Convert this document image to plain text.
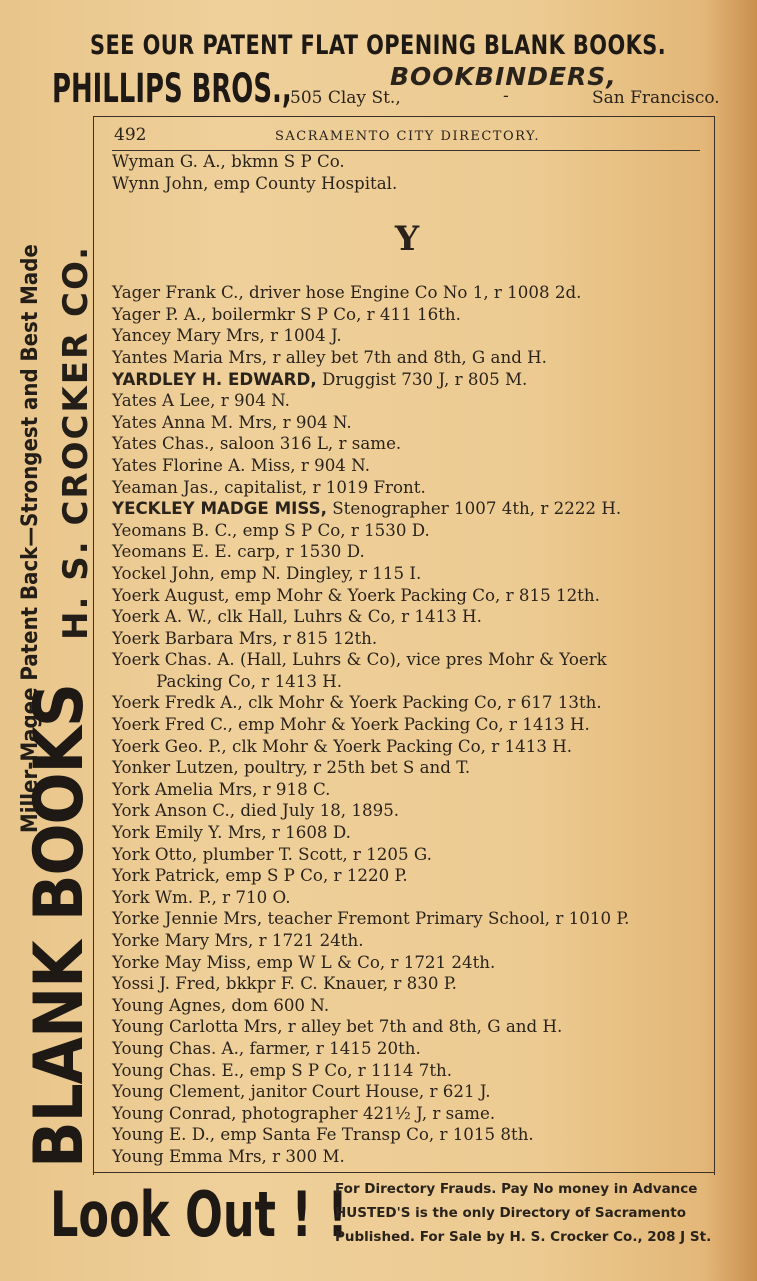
SEE OUR PATENT FLAT OPENING BLANK BOOKS.
PHILLIPS BROS.,	BOOKBINDERS,
505 Clay St.,	-	San Francisco.
Miller-Magee Patent Back—Strongest and Best Made H. S. CROCKER CO.
BLANK BOOKS
492	SACRAMENTO CITY DIRECTORY.
Wyman G. A., bkmn S P Co.
Wynn John, emp County Hospital.
Y
Yager Frank C., driver hose Engine Co No 1, r 1008 2d.
Yager P. A., boilermkr S P Co, r 411 16th.
Yancey Mary Mrs, r 1004 J.
Yantes Maria Mrs, r alley bet 7th and 8th, G and H.
YARDLEY H. EDWARD, Druggist 730 J, r 805 M.
Yates A Lee, r 904 N.
Yates Anna M. Mrs, r 904 N.
Yates Chas., saloon 316 L, r same.
Yates Florine A. Miss, r 904 N.
Yeaman Jas., capitalist, r 1019 Front.
YECKLEY MADGE MISS, Stenographer 1007 4th, r 2222 H.
Yeomans B. C., emp S P Co, r 1530 D.
Yeomans E. E. carp, r 1530 D.
Yockel John, emp N. Dingley, r 115 I.
Yoerk August, emp Mohr & Yoerk Packing Co, r 815 12th.
Yoerk A. W., clk Hall, Luhrs & Co, r 1413 H.
Yoerk Barbara Mrs, r 815 12th.
Yoerk Chas. A. (Hall, Luhrs & Co), vice pres Mohr & Yoerk
Packing Co, r 1413 H.
Yoerk Fredk A., clk Mohr & Yoerk Packing Co, r 617 13th.
Yoerk Fred C., emp Mohr & Yoerk Packing Co, r 1413 H.
Yoerk Geo. P., clk Mohr & Yoerk Packing Co, r 1413 H.
Yonker Lutzen, poultry, r 25th bet S and T.
York Amelia Mrs, r 918 C.
York Anson C., died July 18, 1895.
York Emily Y. Mrs, r 1608 D.
York Otto, plumber T. Scott, r 1205 G.
York Patrick, emp S P Co, r 1220 P.
York Wm. P., r 710 O.
Yorke Jennie Mrs, teacher Fremont Primary School, r 1010 P.
Yorke Mary Mrs, r 1721 24th.
Yorke May Miss, emp W L & Co, r 1721 24th.
Yossi J. Fred, bkkpr F. C. Knauer, r 830 P.
Young Agnes, dom 600 N.
Young Carlotta Mrs, r alley bet 7th and 8th, G and H.
Young Chas. A., farmer, r 1415 20th.
Young Chas. E., emp S P Co, r 1114 7th.
Young Clement, janitor Court House, r 621 J.
Young Conrad, photographer 421½ J, r same.
Young E. D., emp Santa Fe Transp Co, r 1015 8th.
Young Emma Mrs, r 300 M.
Look Out ! !
For Directory Frauds. Pay No money in Advance
HUSTED'S is the only Directory of Sacramento
Published. For Sale by H. S. Crocker Co., 208 J St.
